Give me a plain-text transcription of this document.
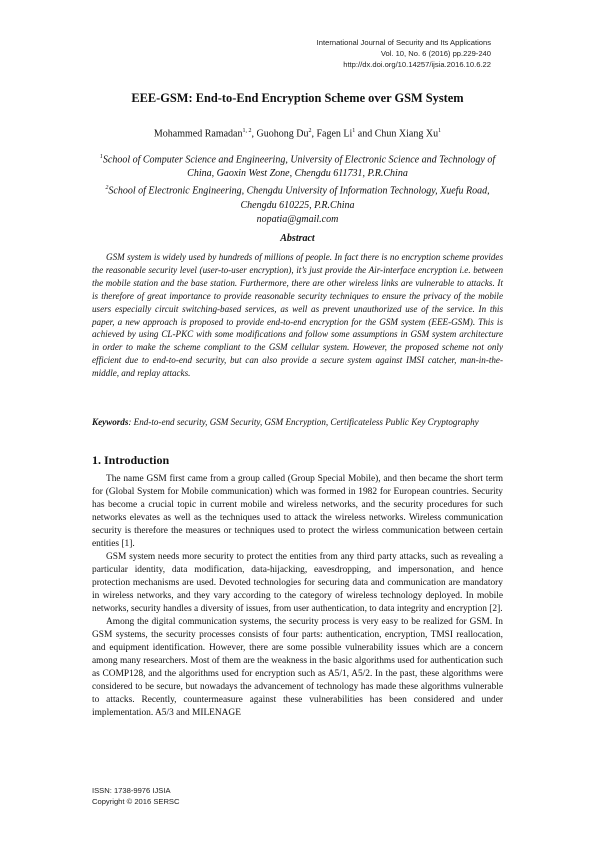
International Journal of Security and Its Applications
Vol. 10, No. 6 (2016) pp.229-240
http://dx.doi.org/10.14257/ijsia.2016.10.6.22
EEE-GSM: End-to-End Encryption Scheme over GSM System
Mohammed Ramadan$^{1, 2}$, Guohong Du$^2$, Fagen Li$^1$ and Chun Xiang Xu$^1$
$^1$School of Computer Science and Engineering, University of Electronic Science and Technology of China, Gaoxin West Zone, Chengdu 611731, P.R.China
$^2$School of Electronic Engineering, Chengdu University of Information Technology, Xuefu Road, Chengdu 610225, P.R.China
nopatia@gmail.com
Abstract
GSM system is widely used by hundreds of millions of people. In fact there is no encryption scheme provides the reasonable security level (user-to-user encryption), it’s just provide the Air-interface encryption i.e. between the mobile station and the base station. Furthermore, there are other wireless links are vulnerable to attacks. It is therefore of great importance to provide reasonable security techniques to ensure the privacy of the mobile users especially circuit switching-based services, as well as prevent unauthorized use of the service. In this paper, a new approach is proposed to provide end-to-end encryption for the GSM system (EEE-GSM). This is achieved by using CL-PKC with some modifications and follow some assumptions in GSM system architecture in order to make the scheme compliant to the GSM cellular system. However, the proposed scheme not only efficient due to end-to-end security, but can also provide a secure system against IMSI catcher, man-in-the-middle, and replay attacks.
Keywords: End-to-end security, GSM Security, GSM Encryption, Certificateless Public Key Cryptography
1. Introduction

The name GSM first came from a group called (Group Special Mobile), and then became the short term for (Global System for Mobile communication) which was formed in 1982 for European countries. Security has become a crucial topic in current mobile and wireless networks, and the security procedures for such networks elevates as well as the techniques used to attack the wireless networks. Wireless communication security is therefore the measures or techniques used to protect the wirless communication between certain entities [1].

GSM system needs more security to protect the entities from any third party attacks, such as revealing a particular identity, data modification, data-hijacking, eavesdropping, and impersonation, and hence protection mechanisms are used. Devoted technologies for securing data and communication are mandatory in wireless networks, and they vary according to the category of wireless technology deployed. In mobile networks, security handles a diversity of issues, from user authentication, to data integrity and encryption [2].

Among the digital communication systems, the security process is very easy to be realized for GSM. In GSM systems, the security processes consists of four parts: authentication, encryption, TMSI reallocation, and equipment identification. However, there are some possible vulnerability issues which are a concern among many researchers. Most of them are the weakness in the basic algorithms used for authentication such as COMP128, and the algorithms used for encryption such as A5/1, A5/2. In the past, these algorithms were considered to be secure, but nowadays the advancement of technology has made these algorithms vulnerable to attacks. Recently, countermeasure against these vulnerabilities has been considered and under implementation. A5/3 and MILENAGE

ISSN: 1738-9976 IJSIA
Copyright © 2016 SERSC
